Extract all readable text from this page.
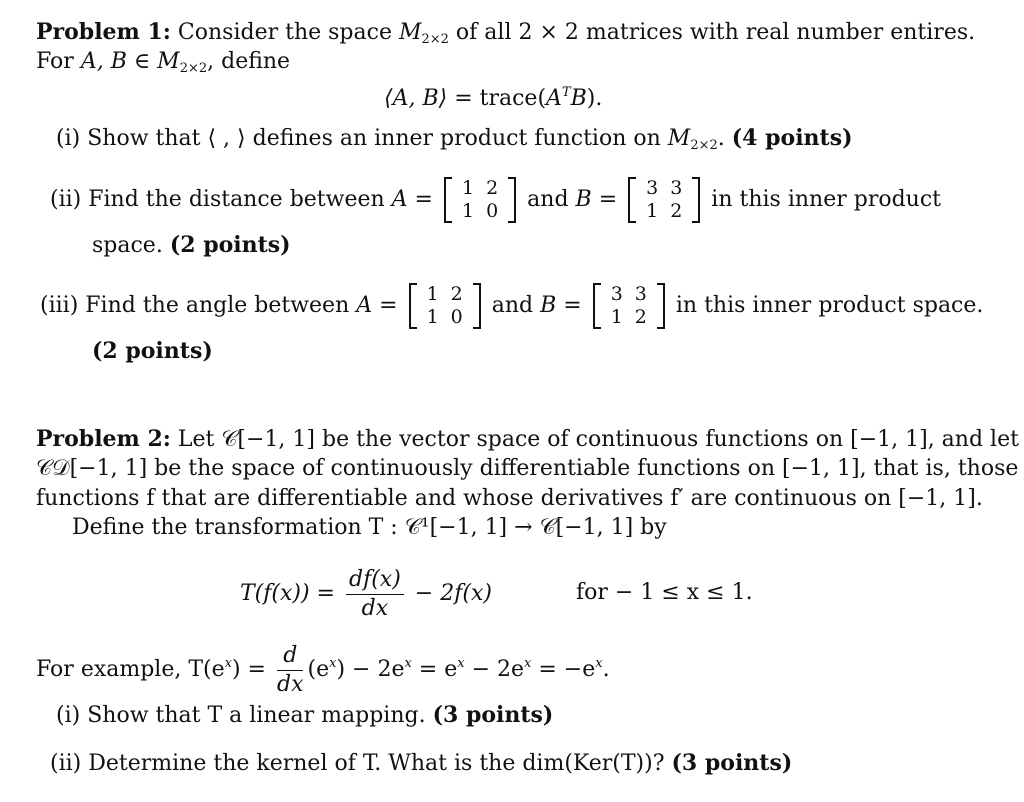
Problem 1: Consider the space $M_{2\times 2}$ of all 2 × 2 matrices with real number entires.
For A, B ∈ $M_{2\times 2}$, define
⟨A, B⟩ = $trace(A^TB)$.
(i) Show that ⟨ , ⟩ defines an inner product function on $M_{2\times 2}$. (4 points)
(ii) Find the distance between A = 1	2
1	0 and B = 3	3
1	2 in this inner product
space. (2 points)
(iii) Find the angle between A = 1	2
1	0 and B = 3	3
1	2 in this inner product space.
(2 points)
Problem 2: Let 𝒞[−1, 1] be the vector space of continuous functions on [−1, 1], and let
𝒞𝒟[−1, 1] be the space of continuously differentiable functions on [−1, 1], that is, those
functions f that are differentiable and whose derivatives f′ are continuous on [−1, 1].
Define the transformation T : 𝒞¹[−1, 1] → 𝒞[−1, 1] by
$T(f(x)) = \frac{df(x)}{dx} - 2f(x)$	for − 1 ≤ x ≤ 1.
For example, $T(e^x) = \frac{d}{dx} (e^x) - 2e^x = e^x - 2e^x = -e^x$.
(i) Show that T a linear mapping. (3 points)
(ii) Determine the kernel of T. What is the dim(Ker(T))? (3 points)
